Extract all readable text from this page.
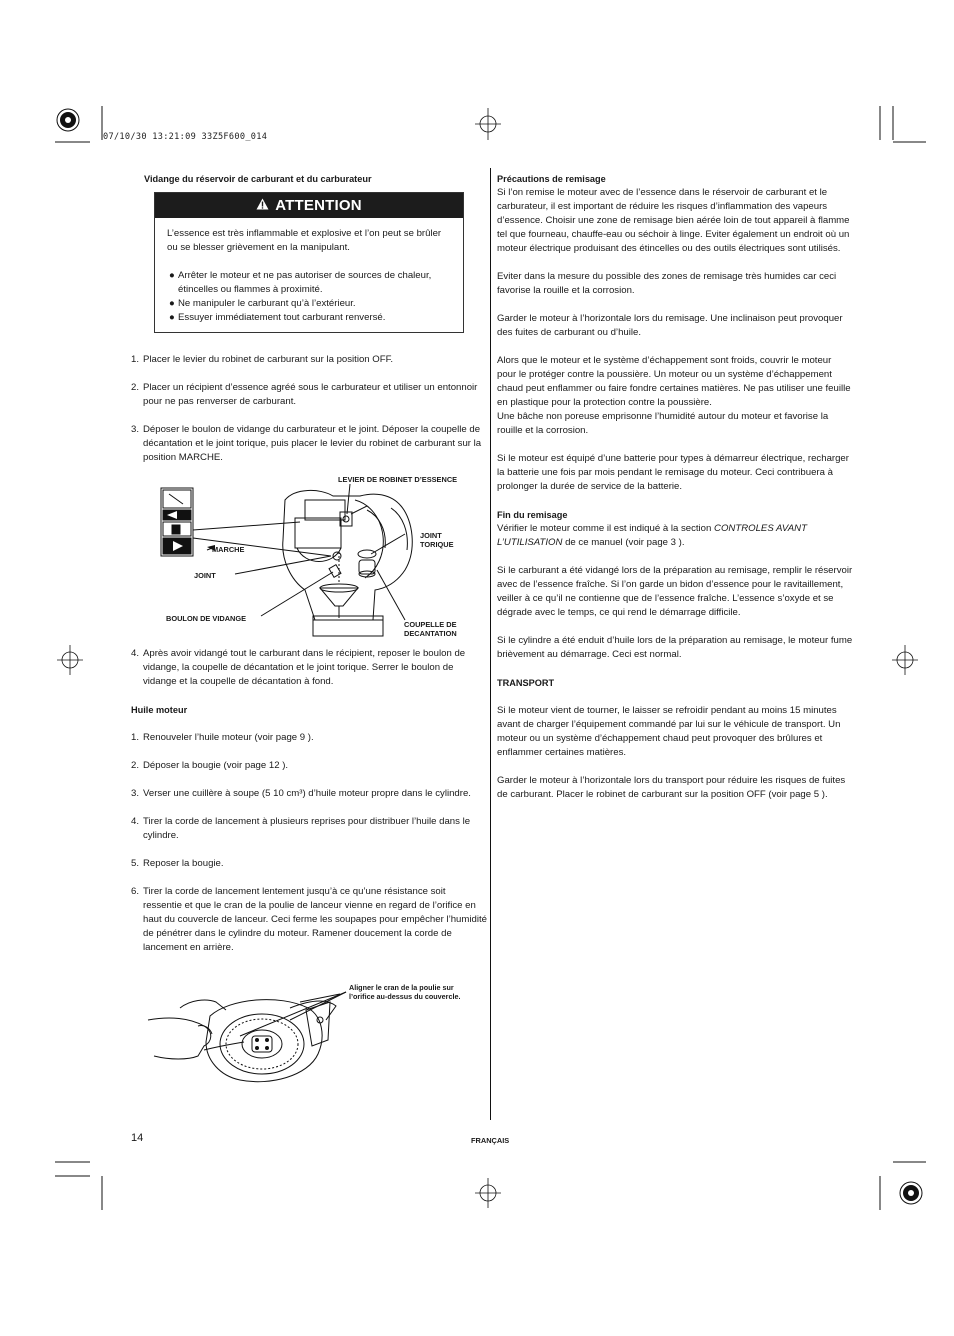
07/10/30 13:21:09 33Z5F600_014
Vidange du réservoir de carburant et du carburateur
ATTENTION

L’essence est très inflammable et explosive et l’on peut se brûler ou se blesser grièvement en la manipulant.

● Arrêter le moteur et ne pas autoriser de sources de chaleur, étincelles ou flammes à proximité.
● Ne manipuler le carburant qu’à l’extérieur.
● Essuyer immédiatement tout carburant renversé.
1. Placer le levier du robinet de carburant sur la position OFF.
2. Placer un récipient d’essence agréé sous le carburateur et utiliser un entonnoir pour ne pas renverser de carburant.
3. Déposer le boulon de vidange du carburateur et le joint. Déposer la coupelle de décantation et le joint torique, puis placer le levier du robinet de carburant sur la position MARCHE.
LEVIER DE ROBINET D’ESSENCE
MARCHE
JOINT
TORIQUE
JOINT
BOULON DE VIDANGE
COUPELLE DE
DECANTATION
4. Après avoir vidangé tout le carburant dans le récipient, reposer le boulon de vidange, la coupelle de décantation et le joint torique. Serrer le boulon de vidange et la coupelle de décantation à fond.

Huile moteur

1. Renouveler l’huile moteur (voir page 9 ).
2. Déposer la bougie (voir page 12 ).
3. Verser une cuillère à soupe (5 10 cm³) d’huile moteur propre dans le cylindre.
4. Tirer la corde de lancement à plusieurs reprises pour distribuer l’huile dans le cylindre.
5. Reposer la bougie.
6. Tirer la corde de lancement lentement jusqu’à ce qu’une résistance soit ressentie et que le cran de la poulie de lanceur vienne en regard de l’orifice en haut du couvercle de lanceur. Ceci ferme les soupapes pour empêcher l’humidité de pénétrer dans le cylindre du moteur. Ramener doucement la corde de lancement en arrière.
Aligner le cran de la poulie sur
l’orifice au-dessus du couvercle.

Précautions de remisage

Si l’on remise le moteur avec de l’essence dans le réservoir de carburant et le carburateur, il est important de réduire les risques d’inflammation des vapeurs d’essence. Choisir une zone de remisage bien aérée loin de tout appareil à flamme tel que fourneau, chauffe-eau ou séchoir à linge. Eviter également un endroit où un moteur électrique produisant des étincelles ou des outils électriques sont utilisés.

Eviter dans la mesure du possible des zones de remisage très humides car ceci favorise la rouille et la corrosion.

Garder le moteur à l’horizontale lors du remisage. Une inclinaison peut provoquer des fuites de carburant ou d’huile.

Alors que le moteur et le système d’échappement sont froids, couvrir le moteur pour le protéger contre la poussière. Un moteur ou un système d’échappement chaud peut enflammer ou faire fondre certaines matières. Ne pas utiliser une feuille en plastique pour la protection contre la poussière.

Une bâche non poreuse emprisonne l’humidité autour du moteur et favorise la rouille et la corrosion.

Si le moteur est équipé d’une batterie pour types à démarreur électrique, recharger la batterie une fois par mois pendant le remisage du moteur. Ceci contribuera à prolonger la durée de service de la batterie.

Fin du remisage

Vérifier le moteur comme il est indiqué à la section CONTROLES AVANT L’UTILISATION de ce manuel (voir page 3 ).

Si le carburant a été vidangé lors de la préparation au remisage, remplir le réservoir avec de l’essence fraîche. Si l’on garde un bidon d’essence pour le ravitaillement, veiller à ce qu’il ne contienne que de l’essence fraîche. L’essence s’oxyde et se dégrade avec le temps, ce qui rend le démarrage difficile.

Si le cylindre a été enduit d’huile lors de la préparation au remisage, le moteur fume brièvement au démarrage. Ceci est normal.

TRANSPORT

Si le moteur vient de tourner, le laisser se refroidir pendant au moins 15 minutes avant de charger l’équipement commandé par lui sur le véhicule de transport. Un moteur ou un système d’échappement chaud peut provoquer des brûlures et enflammer certaines matières.

Garder le moteur à l’horizontale lors du transport pour réduire les risques de fuites de carburant. Placer le robinet de carburant sur la position OFF (voir page 5 ).

14	FRANÇAIS
